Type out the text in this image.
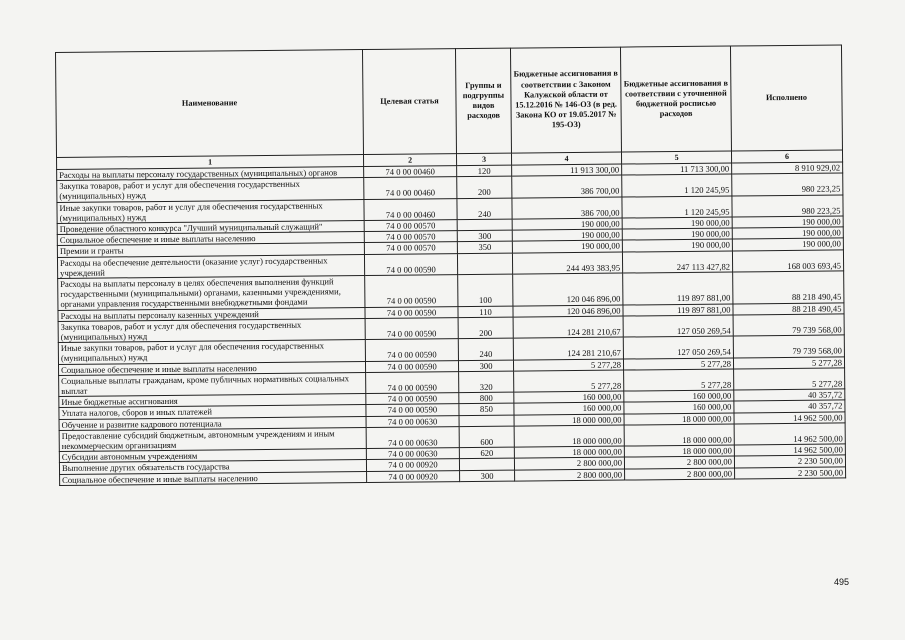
Наименование	Целевая статья	Группы и подгруппы видов расходов	Бюджетные ассигнования в соответствии с Законом Калужской области от 15.12.2016 № 146-ОЗ (в ред. Закона КО от 19.05.2017 № 195-ОЗ)	Бюджетные ассигнования в соответствии с уточненной бюджетной росписью расходов	Исполнено
1	2	3	4	5	6
Расходы на выплаты персоналу государственных (муниципальных) органов	74 0 00 00460	120	11 913 300,00	11 713 300,00	8 910 929,02
Закупка товаров, работ и услуг для обеспечения государственных (муниципальных) нужд	74 0 00 00460	200	386 700,00	1 120 245,95	980 223,25
Иные закупки товаров, работ и услуг для обеспечения государственных (муниципальных) нужд	74 0 00 00460	240	386 700,00	1 120 245,95	980 223,25
Проведение областного конкурса "Лучший муниципальный служащий"	74 0 00 00570		190 000,00	190 000,00	190 000,00
Социальное обеспечение и иные выплаты населению	74 0 00 00570	300	190 000,00	190 000,00	190 000,00
Премии и гранты	74 0 00 00570	350	190 000,00	190 000,00	190 000,00
Расходы на обеспечение деятельности (оказание услуг) государственных учреждений	74 0 00 00590		244 493 383,95	247 113 427,82	168 003 693,45
Расходы на выплаты персоналу в целях обеспечения выполнения функций государственными (муниципальными) органами, казенными учреждениями, органами управления государственными внебюджетными фондами	74 0 00 00590	100	120 046 896,00	119 897 881,00	88 218 490,45
Расходы на выплаты персоналу казенных учреждений	74 0 00 00590	110	120 046 896,00	119 897 881,00	88 218 490,45
Закупка товаров, работ и услуг для обеспечения государственных (муниципальных) нужд	74 0 00 00590	200	124 281 210,67	127 050 269,54	79 739 568,00
Иные закупки товаров, работ и услуг для обеспечения государственных (муниципальных) нужд	74 0 00 00590	240	124 281 210,67	127 050 269,54	79 739 568,00
Социальное обеспечение и иные выплаты населению	74 0 00 00590	300	5 277,28	5 277,28	5 277,28
Социальные выплаты гражданам, кроме публичных нормативных социальных выплат	74 0 00 00590	320	5 277,28	5 277,28	5 277,28
Иные бюджетные ассигнования	74 0 00 00590	800	160 000,00	160 000,00	40 357,72
Уплата налогов, сборов и иных платежей	74 0 00 00590	850	160 000,00	160 000,00	40 357,72
Обучение и развитие кадрового потенциала	74 0 00 00630		18 000 000,00	18 000 000,00	14 962 500,00
Предоставление субсидий бюджетным, автономным учреждениям и иным некоммерческим организациям	74 0 00 00630	600	18 000 000,00	18 000 000,00	14 962 500,00
Субсидии автономным учреждениям	74 0 00 00630	620	18 000 000,00	18 000 000,00	14 962 500,00
Выполнение других обязательств государства	74 0 00 00920		2 800 000,00	2 800 000,00	2 230 500,00
Социальное обеспечение и иные выплаты населению	74 0 00 00920	300	2 800 000,00	2 800 000,00	2 230 500,00
495
